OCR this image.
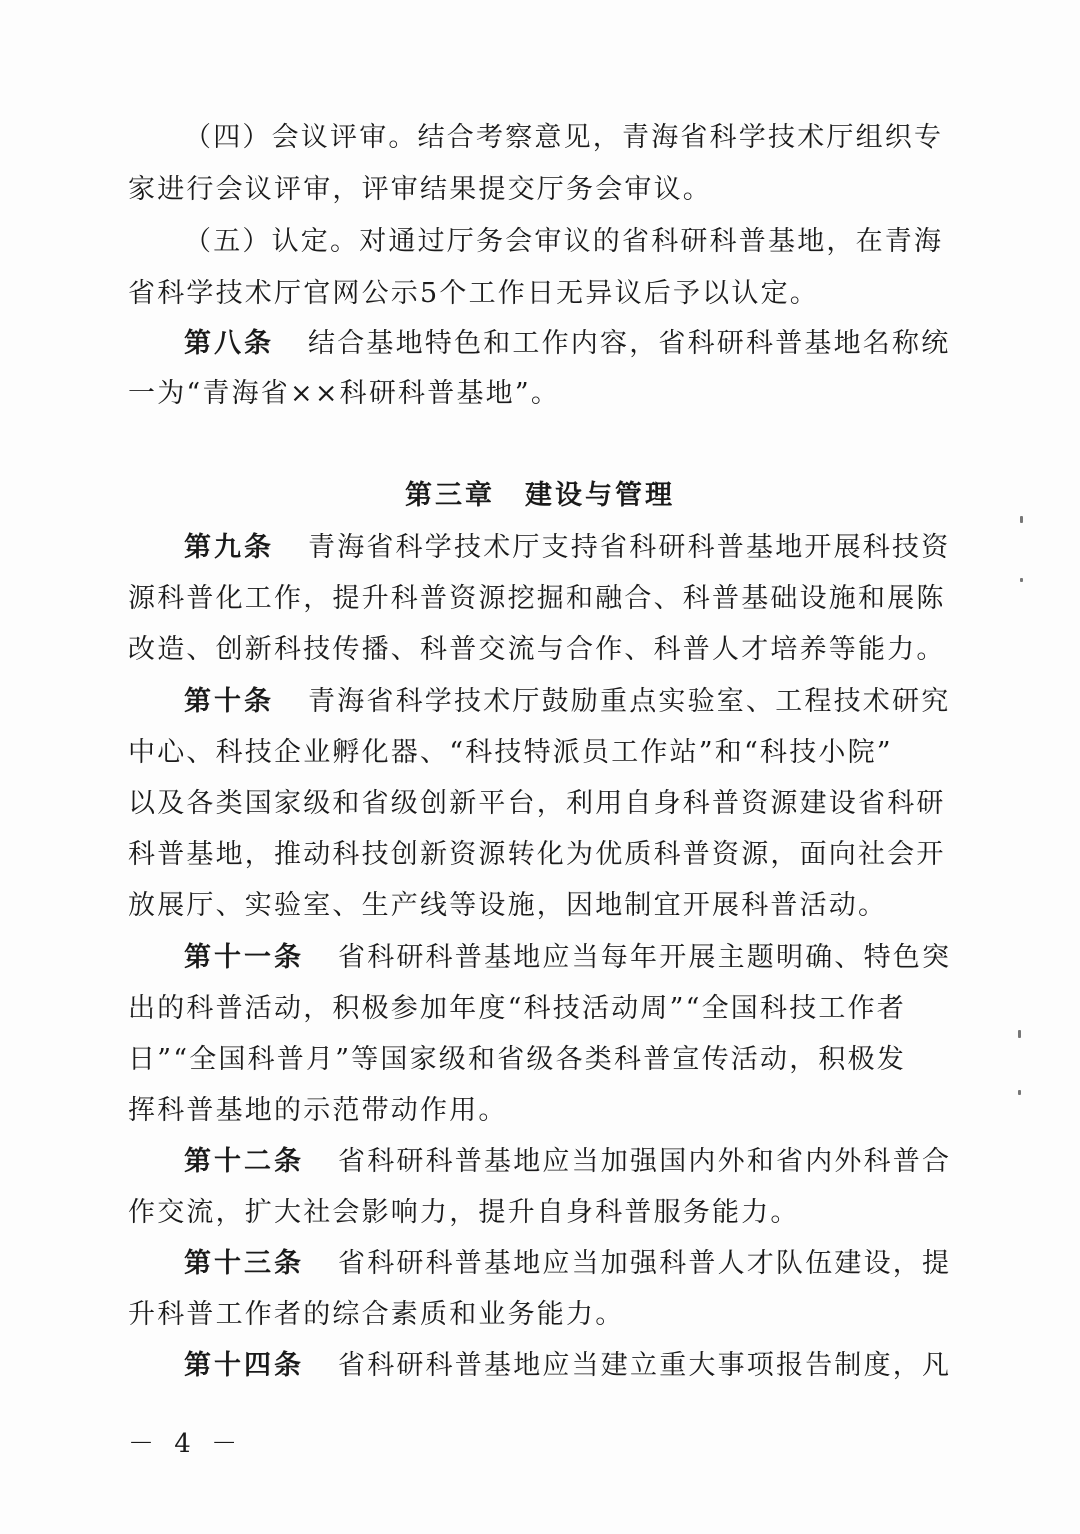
（四）会议评审。结合考察意见，青海省科学技术厅组织专
家进行会议评审，评审结果提交厅务会审议。
（五）认定。对通过厅务会审议的省科研科普基地，在青海
省科学技术厅官网公示5个工作日无异议后予以认定。
第八条 结合基地特色和工作内容，省科研科普基地名称统
一为“青海省××科研科普基地”。
第三章 建设与管理
第九条 青海省科学技术厅支持省科研科普基地开展科技资
源科普化工作，提升科普资源挖掘和融合、科普基础设施和展陈
改造、创新科技传播、科普交流与合作、科普人才培养等能力。
第十条 青海省科学技术厅鼓励重点实验室、工程技术研究
中心、科技企业孵化器、“科技特派员工作站”和“科技小院”
以及各类国家级和省级创新平台，利用自身科普资源建设省科研
科普基地，推动科技创新资源转化为优质科普资源，面向社会开
放展厅、实验室、生产线等设施，因地制宜开展科普活动。
第十一条 省科研科普基地应当每年开展主题明确、特色突
出的科普活动，积极参加年度“科技活动周”“全国科技工作者
日”“全国科普月”等国家级和省级各类科普宣传活动，积极发
挥科普基地的示范带动作用。
第十二条 省科研科普基地应当加强国内外和省内外科普合
作交流，扩大社会影响力，提升自身科普服务能力。
第十三条 省科研科普基地应当加强科普人才队伍建设，提
升科普工作者的综合素质和业务能力。
第十四条 省科研科普基地应当建立重大事项报告制度，凡
－ 4 －
